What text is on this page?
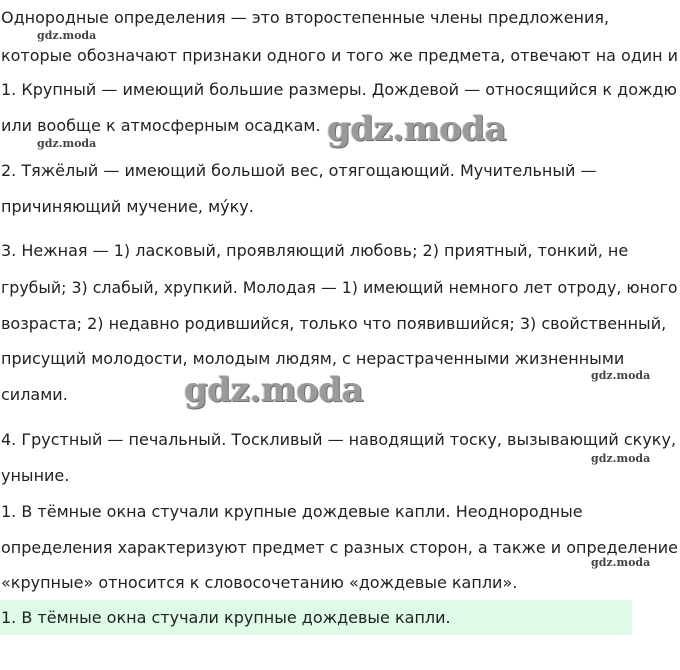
Однородные определения — это второстепенные члены предложения,

которые обозначают признаки одного и того же предмета, отвечают на один и

1. Крупный — имеющий большие размеры. Дождевой — относящийся к дождю

или вообще к атмосферным осадкам.

2. Тяжёлый — имеющий большой вес, отягощающий. Мучительный —

причиняющий мучение, му́ку.

3. Нежная — 1) ласковый, проявляющий любовь; 2) приятный, тонкий, не

грубый; 3) слабый, хрупкий. Молодая — 1) имеющий немного лет отроду, юного

возраста; 2) недавно родившийся, только что появившийся; 3) свойственный,

присущий молодости, молодым людям, с нерастраченными жизненными

силами.

4. Грустный — печальный. Тоскливый — наводящий тоску, вызывающий скуку,

уныние.

1. В тёмные окна стучали крупные дождевые капли. Неоднородные

определения характеризуют предмет с разных сторон, а также и определение

«крупные» относится к словосочетанию «дождевые капли».

1. В тёмные окна стучали крупные дождевые капли.

gdz.moda
gdz.moda
gdz.moda
gdz.moda
gdz.moda
gdz.moda
gdz.moda
